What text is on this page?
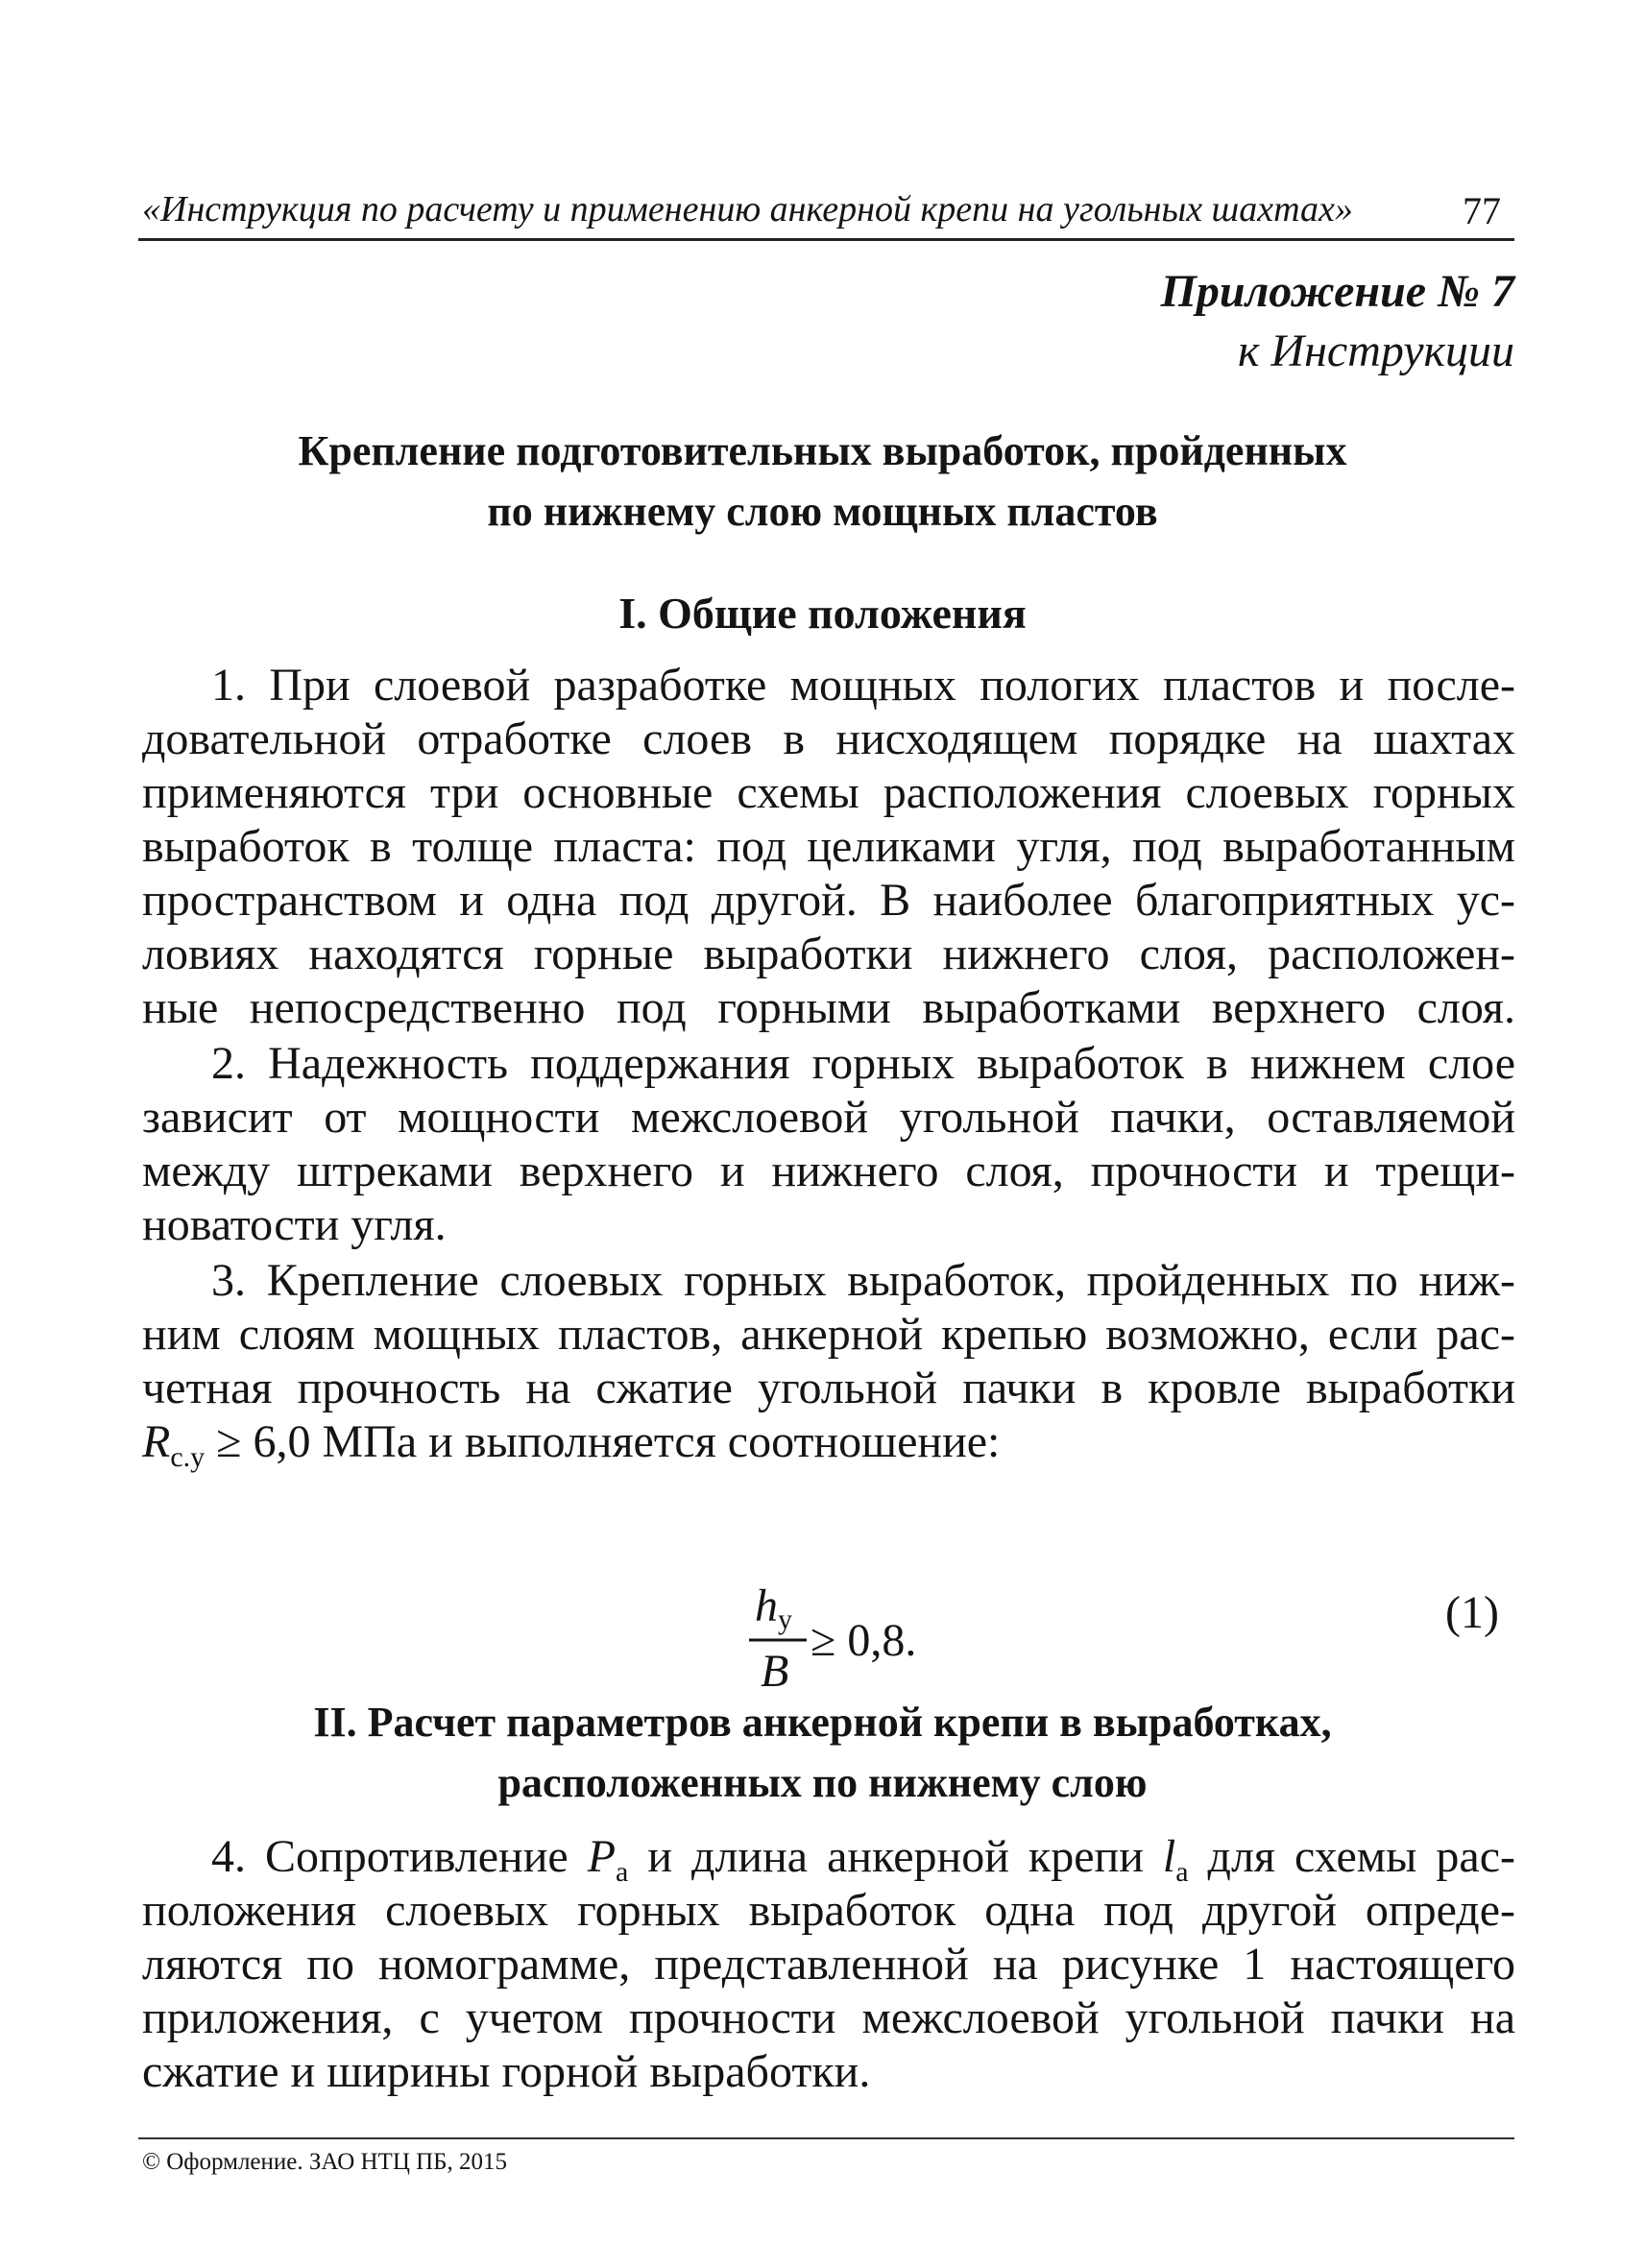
«Инструкция по расчету и применению анкерной крепи на угольных шахтах»	77
Приложение № 7
к Инструкции
Крепление подготовительных выработок, пройденных
по нижнему слою мощных пластов
I. Общие положения
1. При слоевой разработке мощных пологих пластов и после-
довательной отработке слоев в нисходящем порядке на шахтах
применяются три основные схемы расположения слоевых горных
выработок в толще пласта: под целиками угля, под выработанным
пространством и одна под другой. В наиболее благоприятных ус-
ловиях находятся горные выработки нижнего слоя, расположен-
ные непосредственно под горными выработками верхнего слоя.
2. Надежность поддержания горных выработок в нижнем слое
зависит от мощности межслоевой угольной пачки, оставляемой
между штреками верхнего и нижнего слоя, прочности и трещи-
новатости угля.
3. Крепление слоевых горных выработок, пройденных по ниж-
ним слоям мощных пластов, анкерной крепью возможно, если рас-
четная прочность на сжатие угольной пачки в кровле выработки
$R_{с.у} \ge 6,0$ МПа и выполняется соотношение:
h у
B
≥ 0,8.
(1)
II. Расчет параметров анкерной крепи в выработках,
расположенных по нижнему слою
4. Сопротивление $P_а$ и длина анкерной крепи $l_а$ для схемы рас-
положения слоевых горных выработок одна под другой опреде-
ляются по номограмме, представленной на рисунке 1 настоящего
приложения, с учетом прочности межслоевой угольной пачки на
сжатие и ширины горной выработки.
© Оформление. ЗАО НТЦ ПБ, 2015
